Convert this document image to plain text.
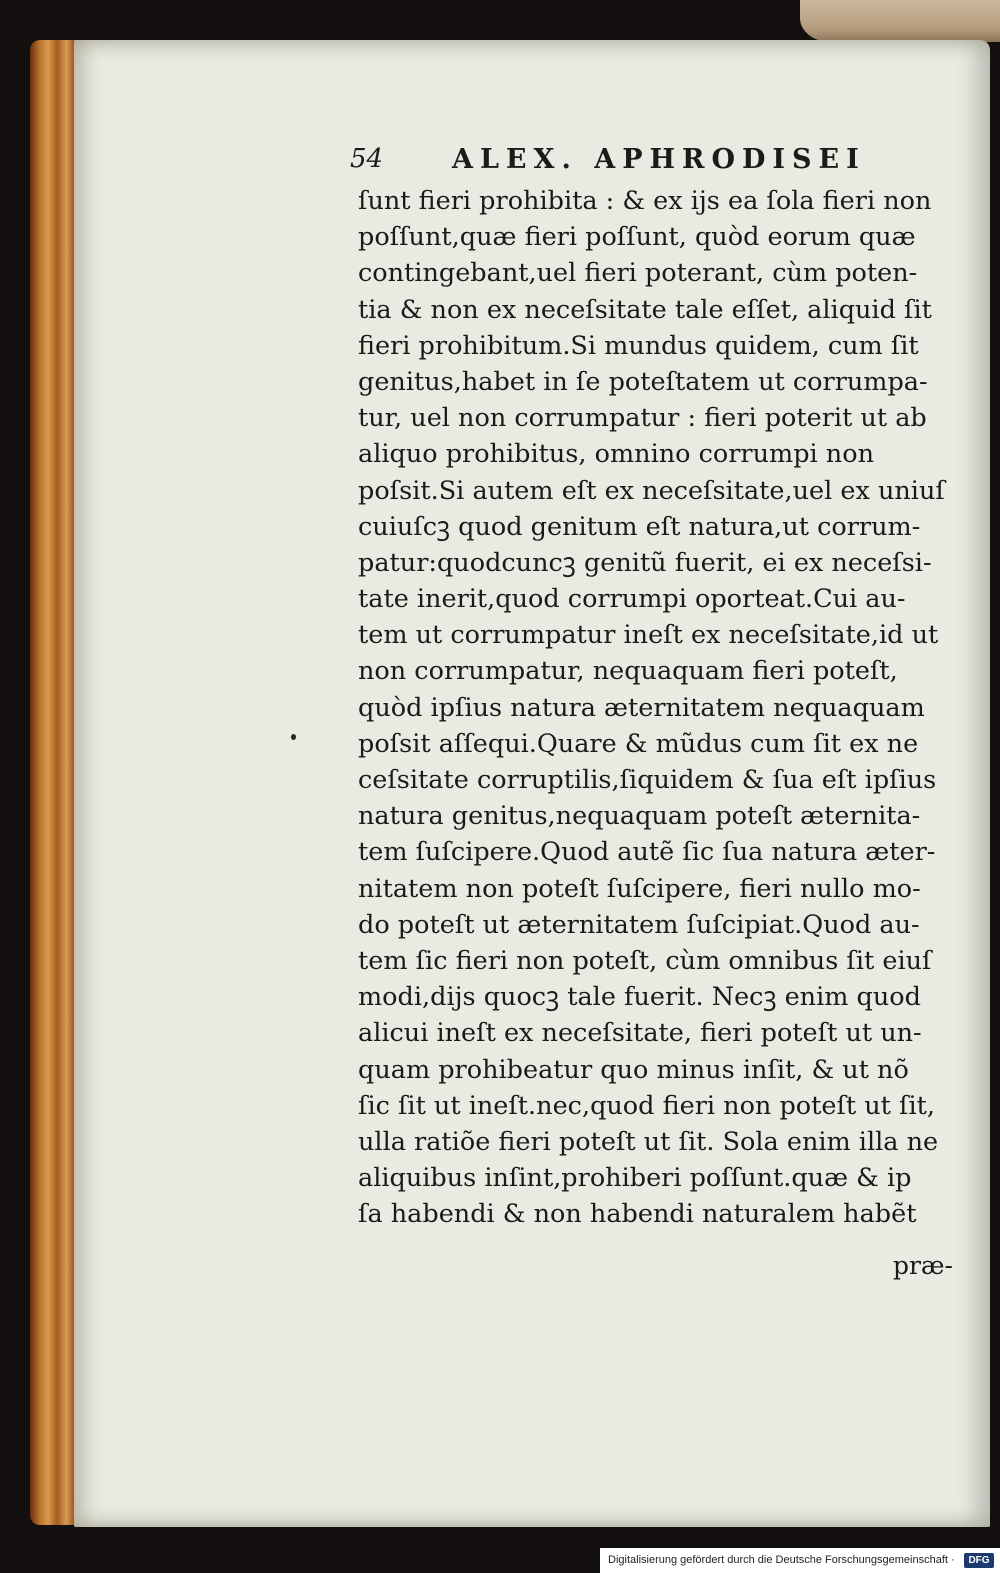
54	ALEX. APHRODISEI
ſunt fieri prohibita : & ex ijs ea ſola fieri non
poſſunt,quæ fieri poſſunt, quòd eorum quæ
contingebant,uel fieri poterant, cùm poten-
tia & non ex neceſsitate tale eſſet, aliquid ſit
fieri prohibitum.Si mundus quidem, cum ſit
genitus,habet in ſe poteſtatem ut corrumpa-
tur, uel non corrumpatur : fieri poterit ut ab
aliquo prohibitus, omnino corrumpi non
poſsit.Si autem eſt ex neceſsitate,uel ex uniuſ
cuiuſcꝫ quod genitum eſt natura,ut corrum-
patur:quodcuncꝫ genitũ fuerit, ei ex neceſsi-
tate inerit,quod corrumpi oporteat.Cui au-
tem ut corrumpatur ineſt ex neceſsitate,id ut
non corrumpatur, nequaquam fieri poteſt,
quòd ipſius natura æternitatem nequaquam
poſsit aſſequi.Quare & mũdus cum ſit ex ne
ceſsitate corruptilis,ſiquidem & ſua eſt ipſius
natura genitus,nequaquam poteſt æternita-
tem ſuſcipere.Quod autẽ ſic ſua natura æter-
nitatem non poteſt ſuſcipere, fieri nullo mo-
do poteſt ut æternitatem ſuſcipiat.Quod au-
tem ſic fieri non poteſt, cùm omnibus ſit eiuſ
modi,dijs quocꝫ tale fuerit. Necꝫ enim quod
alicui ineſt ex neceſsitate, fieri poteſt ut un-
quam prohibeatur quo minus inſit, & ut nõ
ſic ſit ut ineſt.nec,quod fieri non poteſt ut ſit,
ulla ratiõe fieri poteſt ut ſit. Sola enim illa ne
aliquibus inſint,prohiberi poſſunt.quæ & ip
ſa habendi & non habendi naturalem habẽt
præ-
Digitalisierung gefördert durch die Deutsche Forschungsgemeinschaft ·	DFG
